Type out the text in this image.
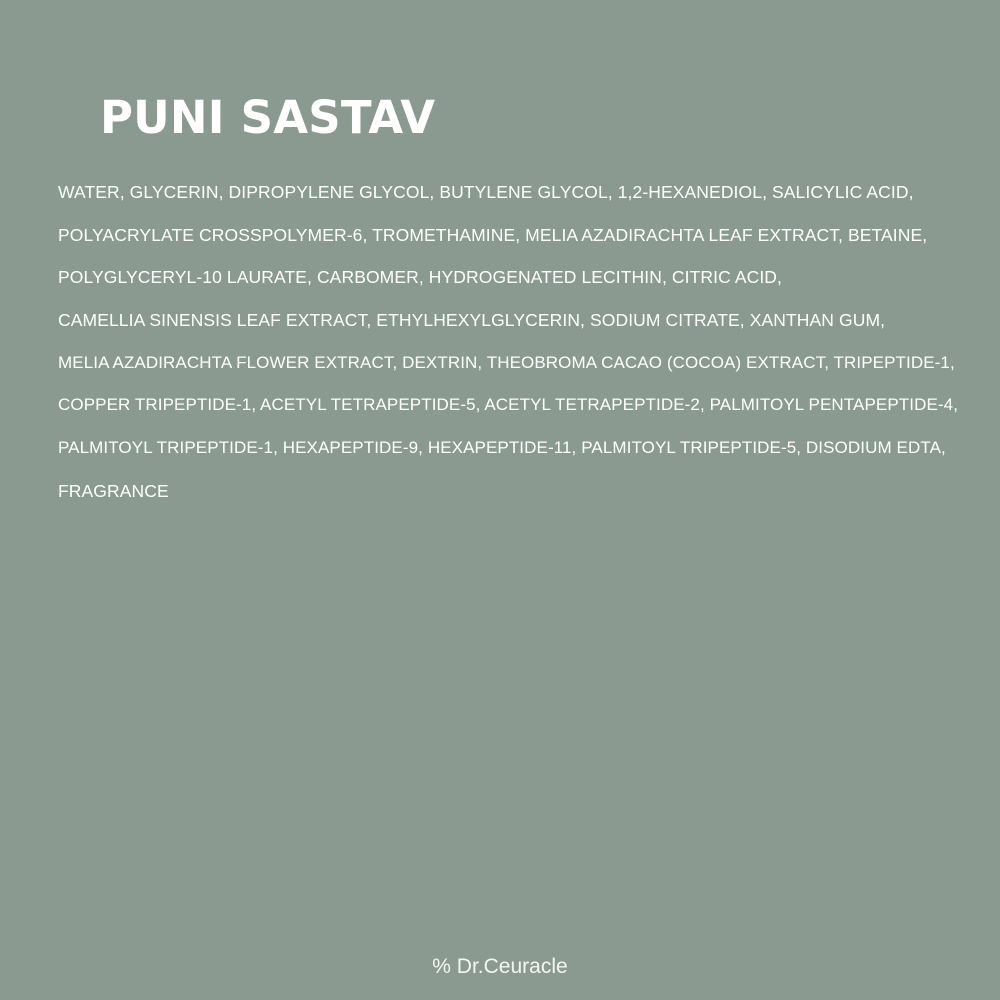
PUNI SASTAV
WATER, GLYCERIN, DIPROPYLENE GLYCOL, BUTYLENE GLYCOL, 1,2-HEXANEDIOL, SALICYLIC ACID,
POLYACRYLATE CROSSPOLYMER-6, TROMETHAMINE, MELIA AZADIRACHTA LEAF EXTRACT, BETAINE,
POLYGLYCERYL-10 LAURATE, CARBOMER, HYDROGENATED LECITHIN, CITRIC ACID,
CAMELLIA SINENSIS LEAF EXTRACT, ETHYLHEXYLGLYCERIN, SODIUM CITRATE, XANTHAN GUM,
MELIA AZADIRACHTA FLOWER EXTRACT, DEXTRIN, THEOBROMA CACAO (COCOA) EXTRACT, TRIPEPTIDE-1,
COPPER TRIPEPTIDE-1, ACETYL TETRAPEPTIDE-5, ACETYL TETRAPEPTIDE-2, PALMITOYL PENTAPEPTIDE-4,
PALMITOYL TRIPEPTIDE-1, HEXAPEPTIDE-9, HEXAPEPTIDE-11, PALMITOYL TRIPEPTIDE-5, DISODIUM EDTA,
FRAGRANCE
% Dr.Ceuracle
